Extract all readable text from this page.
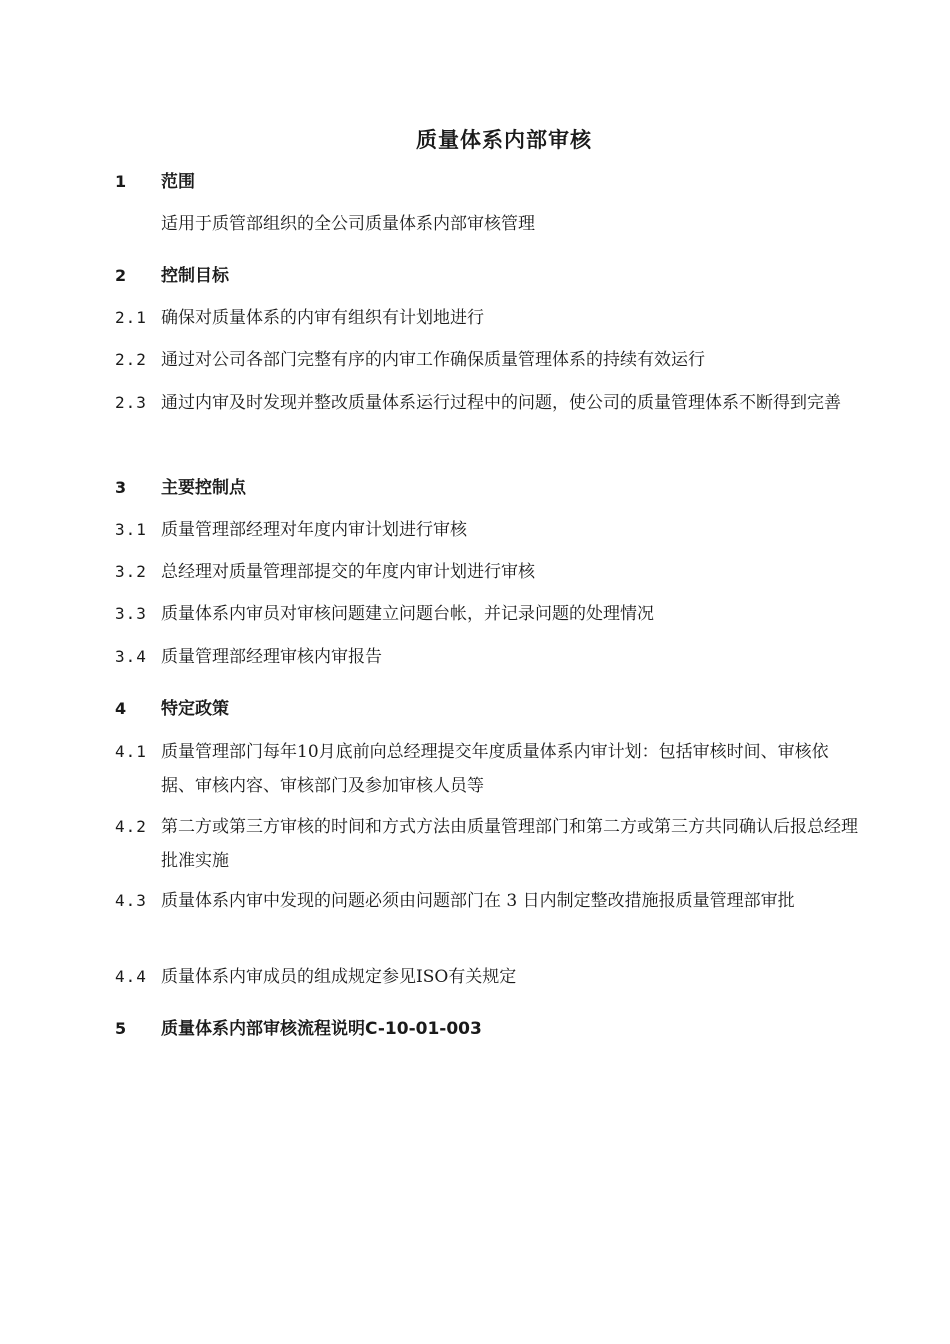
质量体系内部审核
1 范围
适用于质管部组织的全公司质量体系内部审核管理
2 控制目标
2.1 确保对质量体系的内审有组织有计划地进行
2.2 通过对公司各部门完整有序的内审工作确保质量管理体系的持续有效运行
2.3 通过内审及时发现并整改质量体系运行过程中的问题，使公司的质量管理体系不断得到完善
3 主要控制点
3.1 质量管理部经理对年度内审计划进行审核
3.2 总经理对质量管理部提交的年度内审计划进行审核
3.3 质量体系内审员对审核问题建立问题台帐，并记录问题的处理情况
3.4 质量管理部经理审核内审报告
4 特定政策
4.1 质量管理部门每年10月底前向总经理提交年度质量体系内审计划：包括审核时间、审核依据、审核内容、审核部门及参加审核人员等
4.2 第二方或第三方审核的时间和方式方法由质量管理部门和第二方或第三方共同确认后报总经理批准实施
4.3 质量体系内审中发现的问题必须由问题部门在 3 日内制定整改措施报质量管理部审批
4.4 质量体系内审成员的组成规定参见ISO有关规定
5 质量体系内部审核流程说明C-10-01-003
